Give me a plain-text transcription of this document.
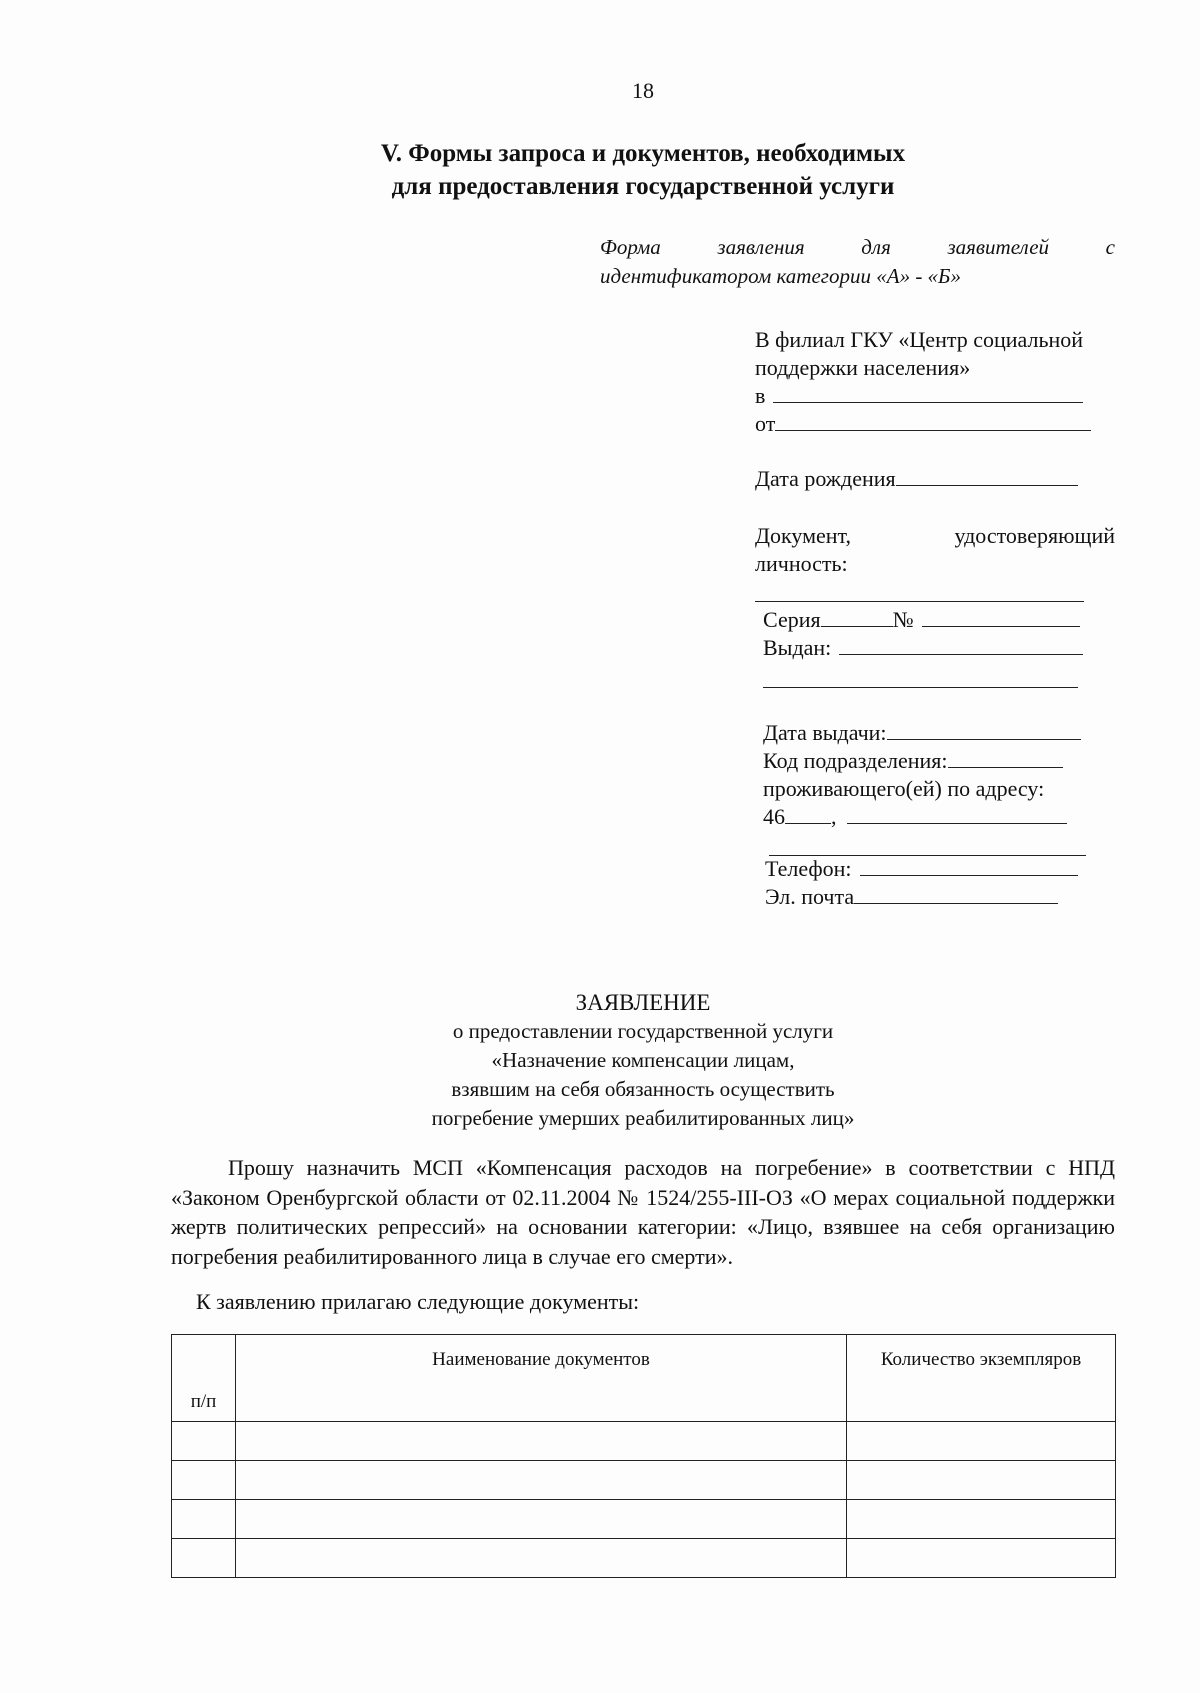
18
V. Формы запроса и документов, необходимых
для предоставления государственной услуги
Форма заявления для заявителей с
идентификатором категории «А» - «Б»
В филиал ГКУ «Центр социальной
поддержки населения»
в
от
Дата рождения
Документ,	удостоверяющий
личность:
Серия	№
Выдан:
Дата выдачи:
Код подразделения:
проживающего(ей) по адресу:
46 ,
Телефон:
Эл. почта
ЗАЯВЛЕНИЕ
о предоставлении государственной услуги
«Назначение компенсации лицам,
взявшим на себя обязанность осуществить
погребение умерших реабилитированных лиц»
Прошу назначить МСП «Компенсация расходов на погребение» в соответствии с НПД «Законом Оренбургской области от 02.11.2004 № 1524/255-III-ОЗ «О мерах социальной поддержки жертв политических репрессий» на основании категории: «Лицо, взявшее на себя организацию погребения реабилитированного лица в случае его смерти».
К заявлению прилагаю следующие документы:
п/п	Наименование документов	Количество экземпляров
